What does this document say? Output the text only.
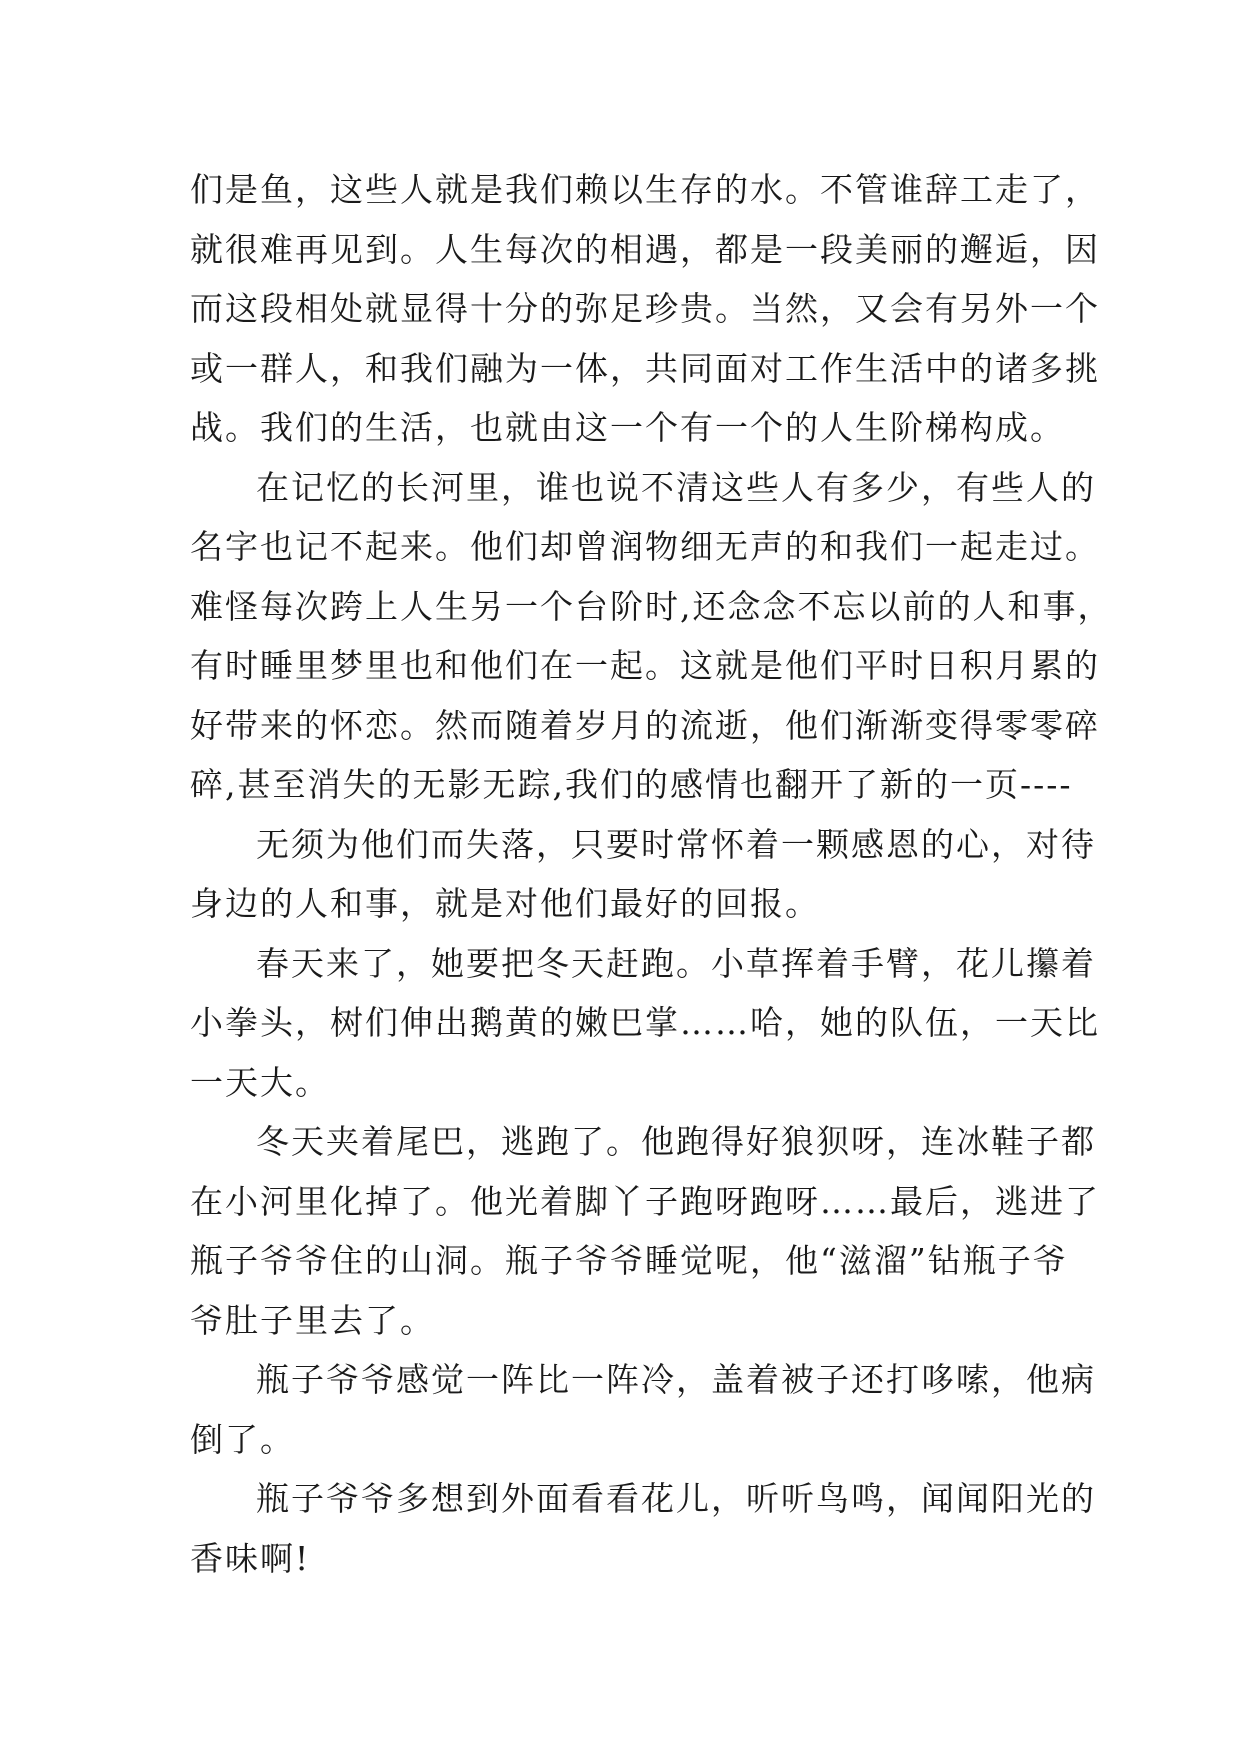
们是鱼，这些人就是我们赖以生存的水。不管谁辞工走了，
就很难再见到。人生每次的相遇，都是一段美丽的邂逅，因
而这段相处就显得十分的弥足珍贵。当然，又会有另外一个
或一群人，和我们融为一体，共同面对工作生活中的诸多挑
战。我们的生活，也就由这一个有一个的人生阶梯构成。

在记忆的长河里，谁也说不清这些人有多少，有些人的
名字也记不起来。他们却曾润物细无声的和我们一起走过。
难怪每次跨上人生另一个台阶时,还念念不忘以前的人和事，
有时睡里梦里也和他们在一起。这就是他们平时日积月累的
好带来的怀恋。然而随着岁月的流逝，他们渐渐变得零零碎
碎,甚至消失的无影无踪,我们的感情也翻开了新的一页----

无须为他们而失落，只要时常怀着一颗感恩的心，对待
身边的人和事，就是对他们最好的回报。

春天来了，她要把冬天赶跑。小草挥着手臂，花儿攥着
小拳头，树们伸出鹅黄的嫩巴掌……哈，她的队伍，一天比
一天大。

冬天夹着尾巴，逃跑了。他跑得好狼狈呀，连冰鞋子都
在小河里化掉了。他光着脚丫子跑呀跑呀……最后，逃进了
瓶子爷爷住的山洞。瓶子爷爷睡觉呢，他“滋溜”钻瓶子爷
爷肚子里去了。

瓶子爷爷感觉一阵比一阵冷，盖着被子还打哆嗦，他病
倒了。

瓶子爷爷多想到外面看看花儿，听听鸟鸣，闻闻阳光的
香味啊!
